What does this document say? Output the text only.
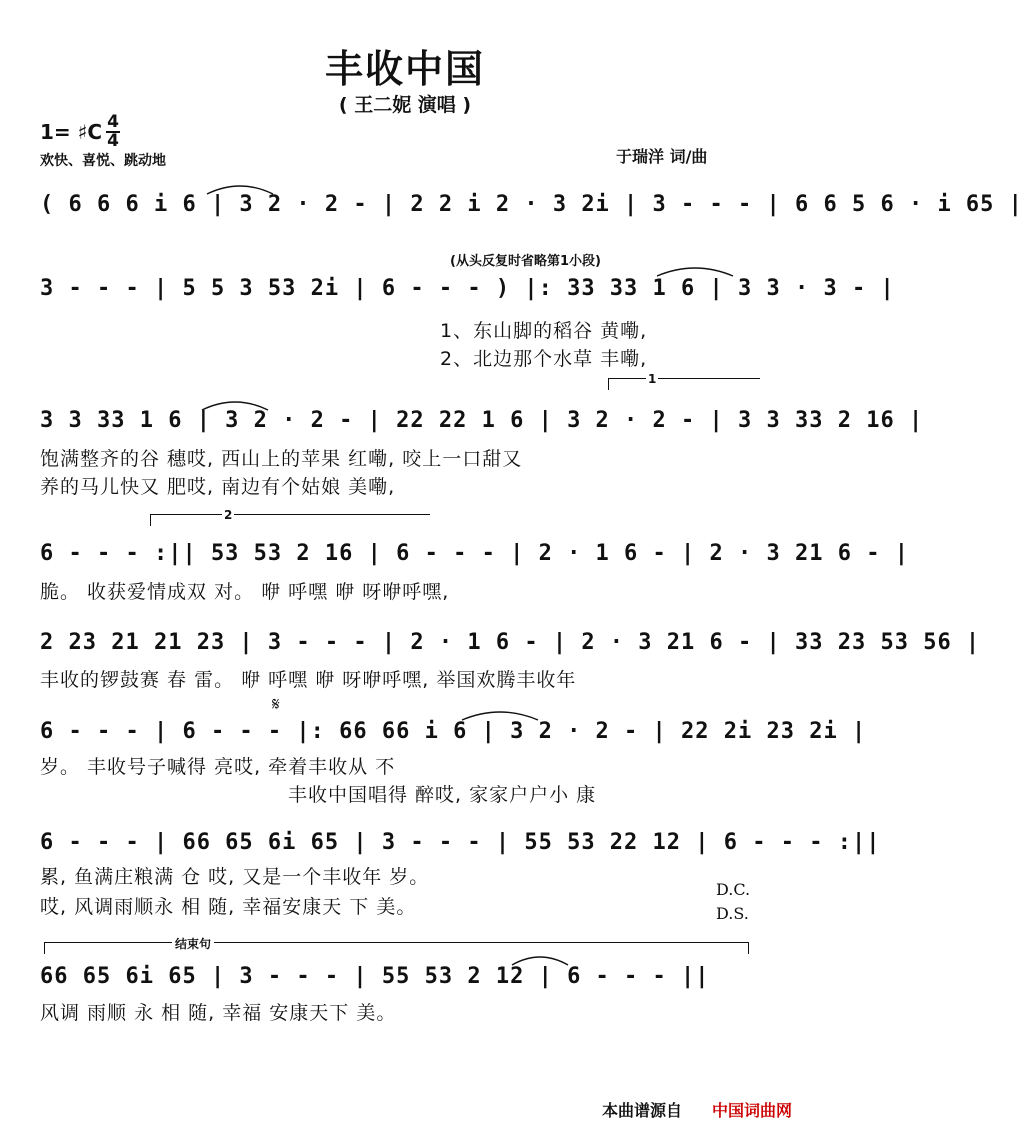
丰收中国
( 王二妮 演唱 )
1= ♯C 4
4
欢快、喜悦、跳动地	于瑞洋 词/曲
( 6 6 6 i 6 | 3 2 · 2 - | 2 2 i 2 · 3 2i | 3 - - - | 6 6 5 6 · i 65 |
(从头反复时省略第1小段)
3 - - - | 5 5 3 53 2i | 6 - - - ) |: 33 33 1 6 | 3 3 · 3 - |
1、东山脚的稻谷 黄嘞,
2、北边那个水草 丰嘞,
1
3 3 33 1 6 | 3 2 · 2 - | 22 22 1 6 | 3 2 · 2 - | 3 3 33 2 16 |
饱满整齐的谷 穗哎, 西山上的苹果 红嘞, 咬上一口甜又
养的马儿快又 肥哎, 南边有个姑娘 美嘞,
2
6 - - - :|| 53 53 2 16 | 6 - - - | 2 · 1 6 - | 2 · 3 21 6 - |
脆。 收获爱情成双 对。 咿 呼嘿 咿 呀咿呼嘿,
2 23 21 21 23 | 3 - - - | 2 · 1 6 - | 2 · 3 21 6 - | 33 23 53 56 |
丰收的锣鼓赛 春 雷。 咿 呼嘿 咿 呀咿呼嘿, 举国欢腾丰收年
𝄋
6 - - - | 6 - - - |: 66 66 i 6 | 3 2 · 2 - | 22 2i 23 2i |
岁。 丰收号子喊得 亮哎, 牵着丰收从 不
丰收中国唱得 醉哎, 家家户户小 康
6 - - - | 66 65 6i 65 | 3 - - - | 55 53 22 12 | 6 - - - :||
累, 鱼满庄粮满 仓 哎, 又是一个丰收年 岁。
哎, 风调雨顺永 相 随, 幸福安康天 下 美。
D.C.
D.S.
结束句
66 65 6i 65 | 3 - - - | 55 53 2 12 | 6 - - - ||
风调 雨顺 永 相 随, 幸福 安康天下 美。
本曲谱源自 中国词曲网
